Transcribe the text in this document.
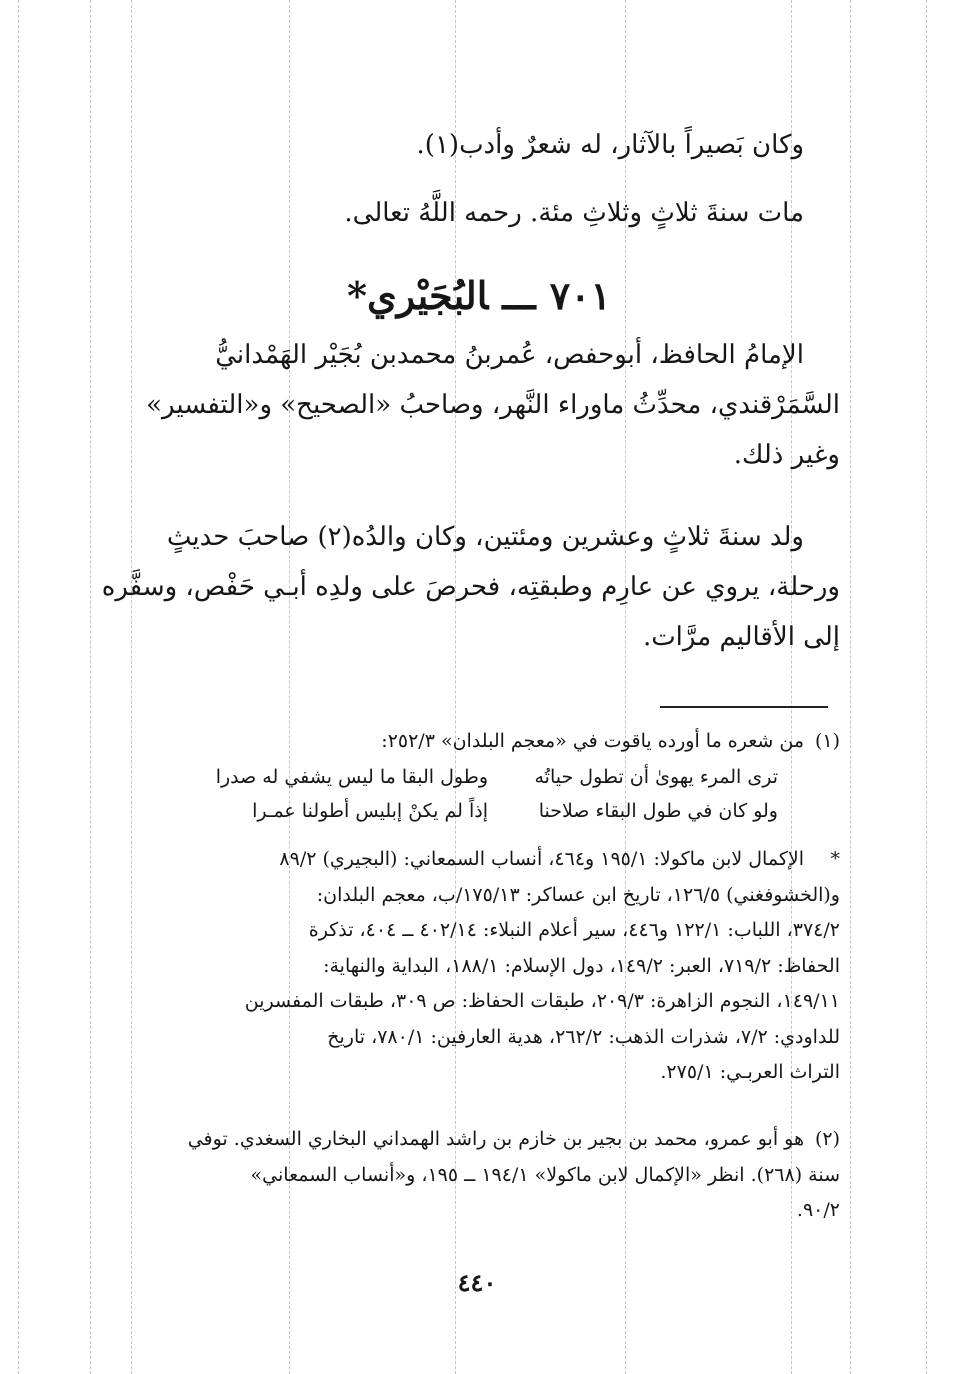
وكان بَصيراً بالآثار، له شعرٌ وأدب(١).

مات سنةَ ثلاثٍ وثلاثِ مئة. رحمه اللَّهُ تعالى.

٧٠١ـــالبُجَيْري*

الإمامُ الحافظ، أبوحفص، عُمربنُ محمدبن بُجَيْر الهَمْدانيُّ

السَّمَرْقندي، محدِّثُ ماوراء النَّهر، وصاحبُ «الصحيح» و«التفسير»

وغير ذلك.

ولد سنةَ ثلاثٍ وعشرين ومئتين، وكان والدُه(٢) صاحبَ حديثٍ

ورحلة، يروي عن عارِم وطبقتِه، فحرصَ على ولدِه أبـي حَفْص، وسفَّره

إلى الأقاليم مرَّات.

(١)من شعره ما أورده ياقوت في «معجم البلدان» ٢٥٢/٣:

ترى المرء يهوىٰ أن تطول حياتُه
وطول البقا ما ليس يشفي له صدرا
ولو كان في طول البقاء صلاحنا
إذاً لم يكنْ إبليس أطولنا عمـرا

*الإكمال لابن ماكولا: ١٩٥/١ و٤٦٤، أنساب السمعاني: (البجيري) ٨٩/٢

و(الخشوفغني) ١٢٦/٥، تاريخ ابن عساكر: ١٧٥/١٣/ب، معجم البلدان:

٣٧٤/٢، اللباب: ١٢٢/١ و٤٤٦، سير أعلام النبلاء: ٤٠٢/١٤ ــ ٤٠٤، تذكرة

الحفاظ: ٧١٩/٢، العبر: ١٤٩/٢، دول الإسلام: ١٨٨/١، البداية والنهاية:

١٤٩/١١، النجوم الزاهرة: ٢٠٩/٣، طبقات الحفاظ: ص ٣٠٩، طبقات المفسرين

للداودي: ٧/٢، شذرات الذهب: ٢٦٢/٢، هدية العارفين: ٧٨٠/١، تاريخ

التراث العربـي: ٢٧٥/١.

(٢)هو أبو عمرو، محمد بن بجير بن خازم بن راشد الهمداني البخاري السغدي. توفي

سنة (٢٦٨). انظر «الإكمال لابن ماكولا» ١٩٤/١ ــ ١٩٥، و«أنساب السمعاني»

٩٠/٢.

٤٤٠
